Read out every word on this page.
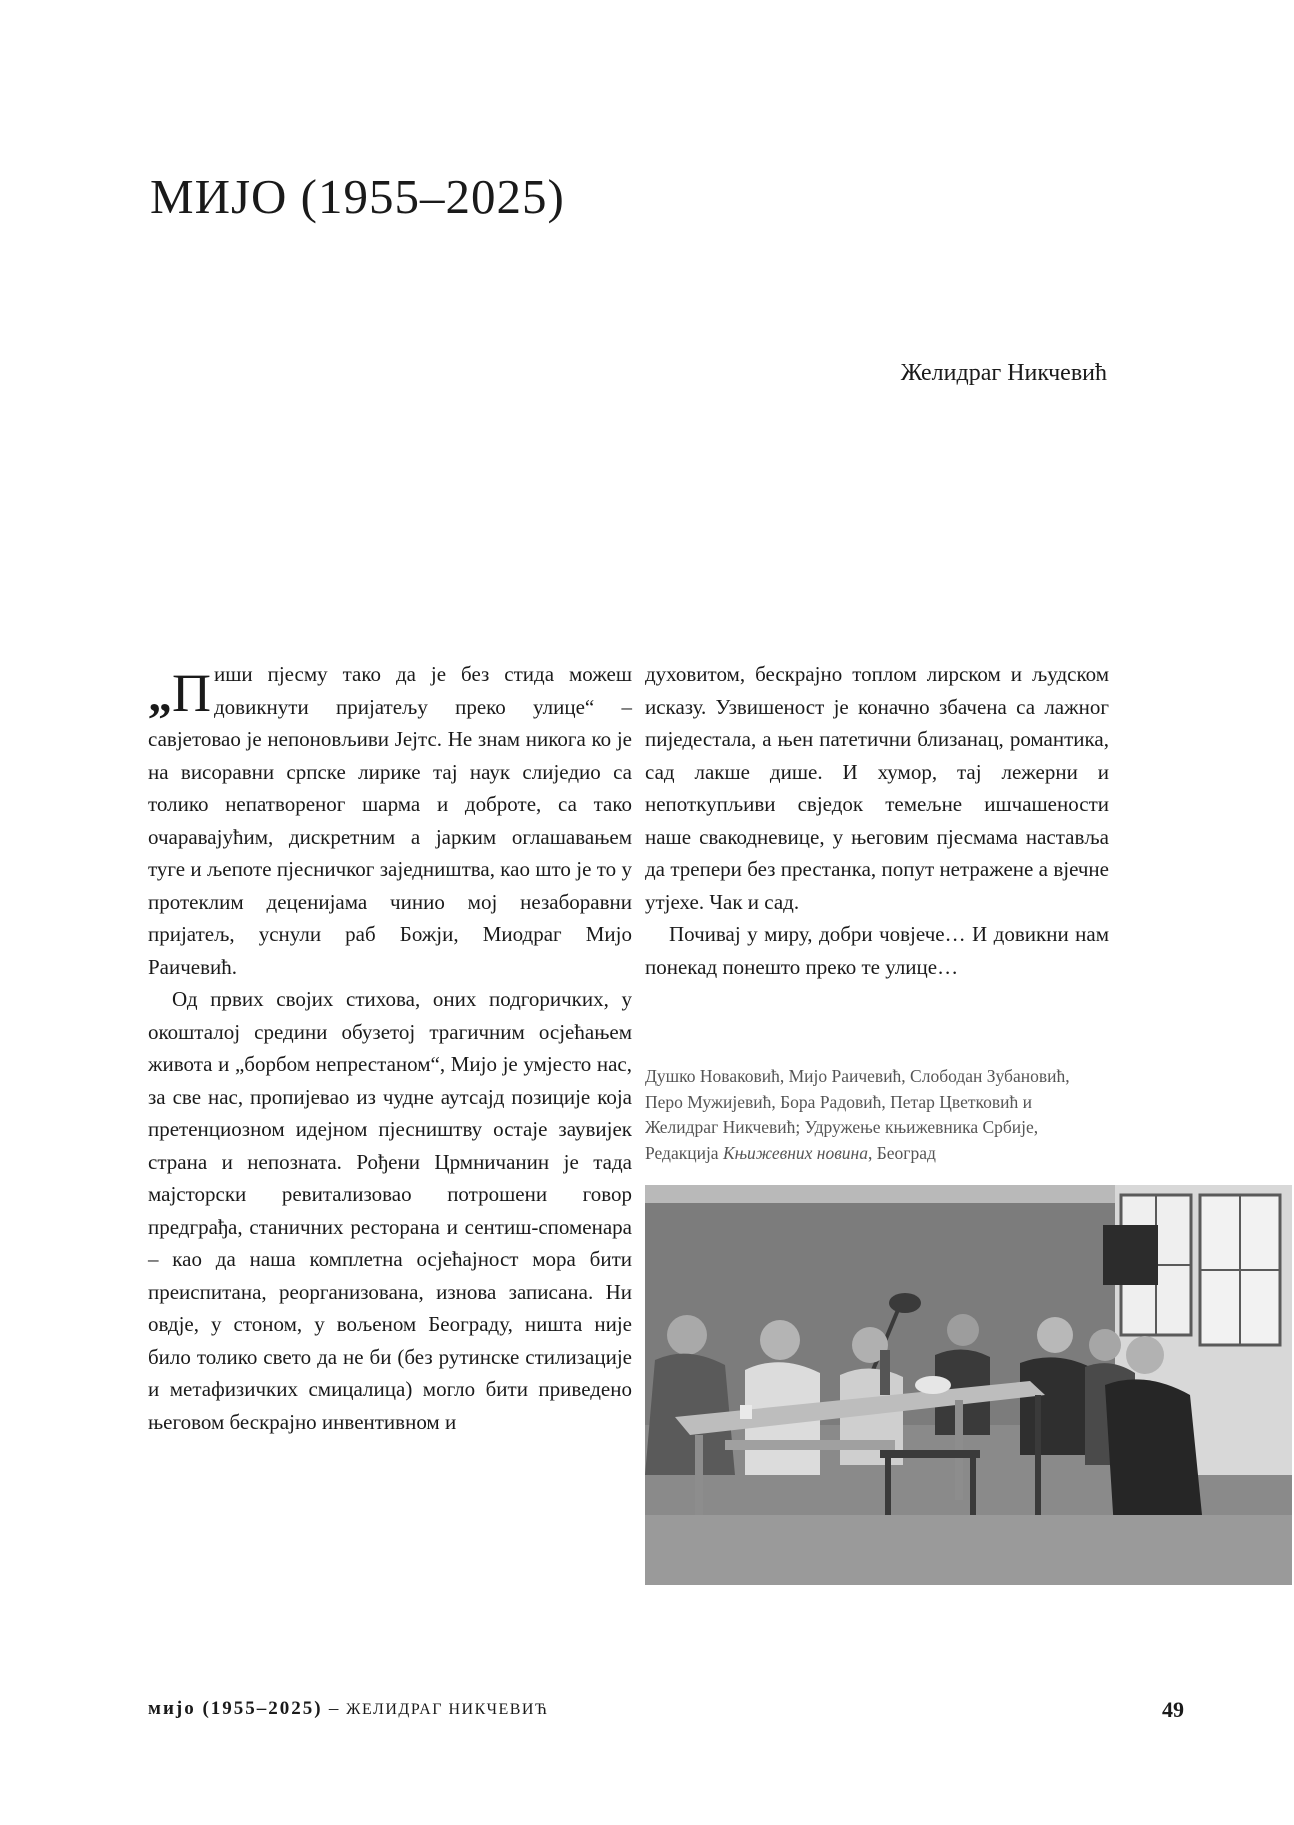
МИЈО (1955–2025)
Желидраг Никчевић

„П иши пјесму тако да је без стида можеш довикнути пријатељу преко улице“ – савјетовао је непоновљиви Јејтс. Не знам никога ко је на висоравни српске лирике тај наук слиједио са толико непатвореног шарма и доброте, са тако очаравајућим, дискретним а јарким оглашавањем туге и љепоте пјесничког заједништва, као што је то у протеклим деценијама чинио мој незаборавни пријатељ, уснули раб Божји, Миодраг Мијо Раичевић.

Од првих својих стихова, оних подгоричких, у окошталој средини обузетој трагичним осјећањем живота и „борбом непрестаном“, Мијо је умјесто нас, за све нас, пропијевао из чудне аутсајд позиције која претенциозном идејном пјесништву остаје заувијек страна и непозната. Рођени Црмничанин је тада мајсторски ревитализовао потрошени говор предграђа, станичних ресторана и сентиш-споменара – као да наша комплетна осјећајност мора бити преиспитана, реорганизована, изнова записана. Ни овдје, у стоном, у вољеном Београду, ништа није било толико свето да не би (без рутинске стилизације и метафизичких смицалица) могло бити приведено његовом бескрајно инвентивном и

духовитом, бескрајно топлом лирском и људском исказу. Узвишеност је коначно збачена са лажног пиједестала, а њен патетични близанац, романтика, сад лакше дише. И хумор, тај лежерни и непоткупљиви свједок темељне ишчашености наше свакодневице, у његовим пјесмама наставља да трепери без престанка, попут нетражене а вјечне утјехе. Чак и сад.

Почивај у миру, добри човјече… И довикни нам понекад понешто преко те улице…

Душко Новаковић, Мијо Раичевић, Слободан Зубановић,
Перо Мужијевић, Бора Радовић, Петар Цветковић и
Желидраг Никчевић; Удружење књижевника Србије,
Редакција Књижевних новина, Београд
мијо (1955–2025) – ЖЕЛИДРАГ НИКЧЕВИЋ	49
